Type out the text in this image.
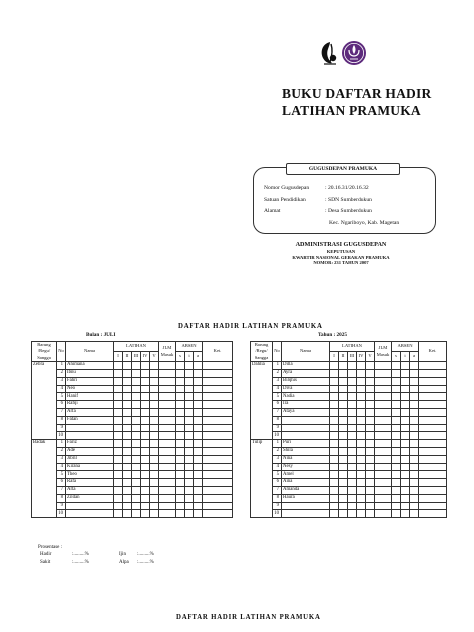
BUKU DAFTAR HADIR
LATIHAN PRAMUKA
GUGUSDEPAN PRAMUKA
Nomor Gugusdepan	: 20.16.31/20.16.32
Satuan Pendidikan	: SDN Sumberdukun
Alamat	: Desa Sumberdukun
Kec. Ngariboyo, Kab. Magetan
ADMINISTRASI GUGUSDEPAN
KEPUTUSAN
KWARTIR NASIONAL GERAKAN PRAMUKA
NOMOR: 231 TAHUN 2007
DAFTAR HADIR LATIHAN PRAMUKA
Bulan : JULI	Tahun : 2025
Barung /Regu/ Sangga	No	Nama	LATIHAN					JLM Masuk	ABSEN			Ket.
			I	II	III	IV	V		s	i	a	
Zebra	1	Ahimana										
	2	Ibnu										
	3	Fahri										
	4	Neo										
	5	Hanif										
	6	Rafqi										
	7	Arfa										
	8	Fatan										
	9											
	10											
Badak	1	Fariz										
	2	Ade										
	3	Jibril										
	4	Kirana										
	5	Theo										
	6	Rafa										
	7	Arta										
	8	Zildan										
	9											
	10											
Barung /Regu/ Sangga	No	Nama	LATIHAN					JLM Masuk	ABSEN			Ket.
			I	II	III	IV	V		s	i	a	
Dahlia	1	Dilla										
	2	Ayra										
	3	Bilqhis										
	4	Diva										
	5	Nadia										
	6	Ira										
	7	Atayа										
	8											
	9											
	10											
Tulip	1	Puri										
	2	Shila										
	3	Nina										
	4	Nesy										
	5	Amel										
	6	Aina										
	7	Amanda										
	8	Haura										
	9											
	10											
Prosentase :
Hadir	:.........%	Ijin :.........%
Sakit	:.........%	Alpa :.........%
DAFTAR HADIR LATIHAN PRAMUKA
